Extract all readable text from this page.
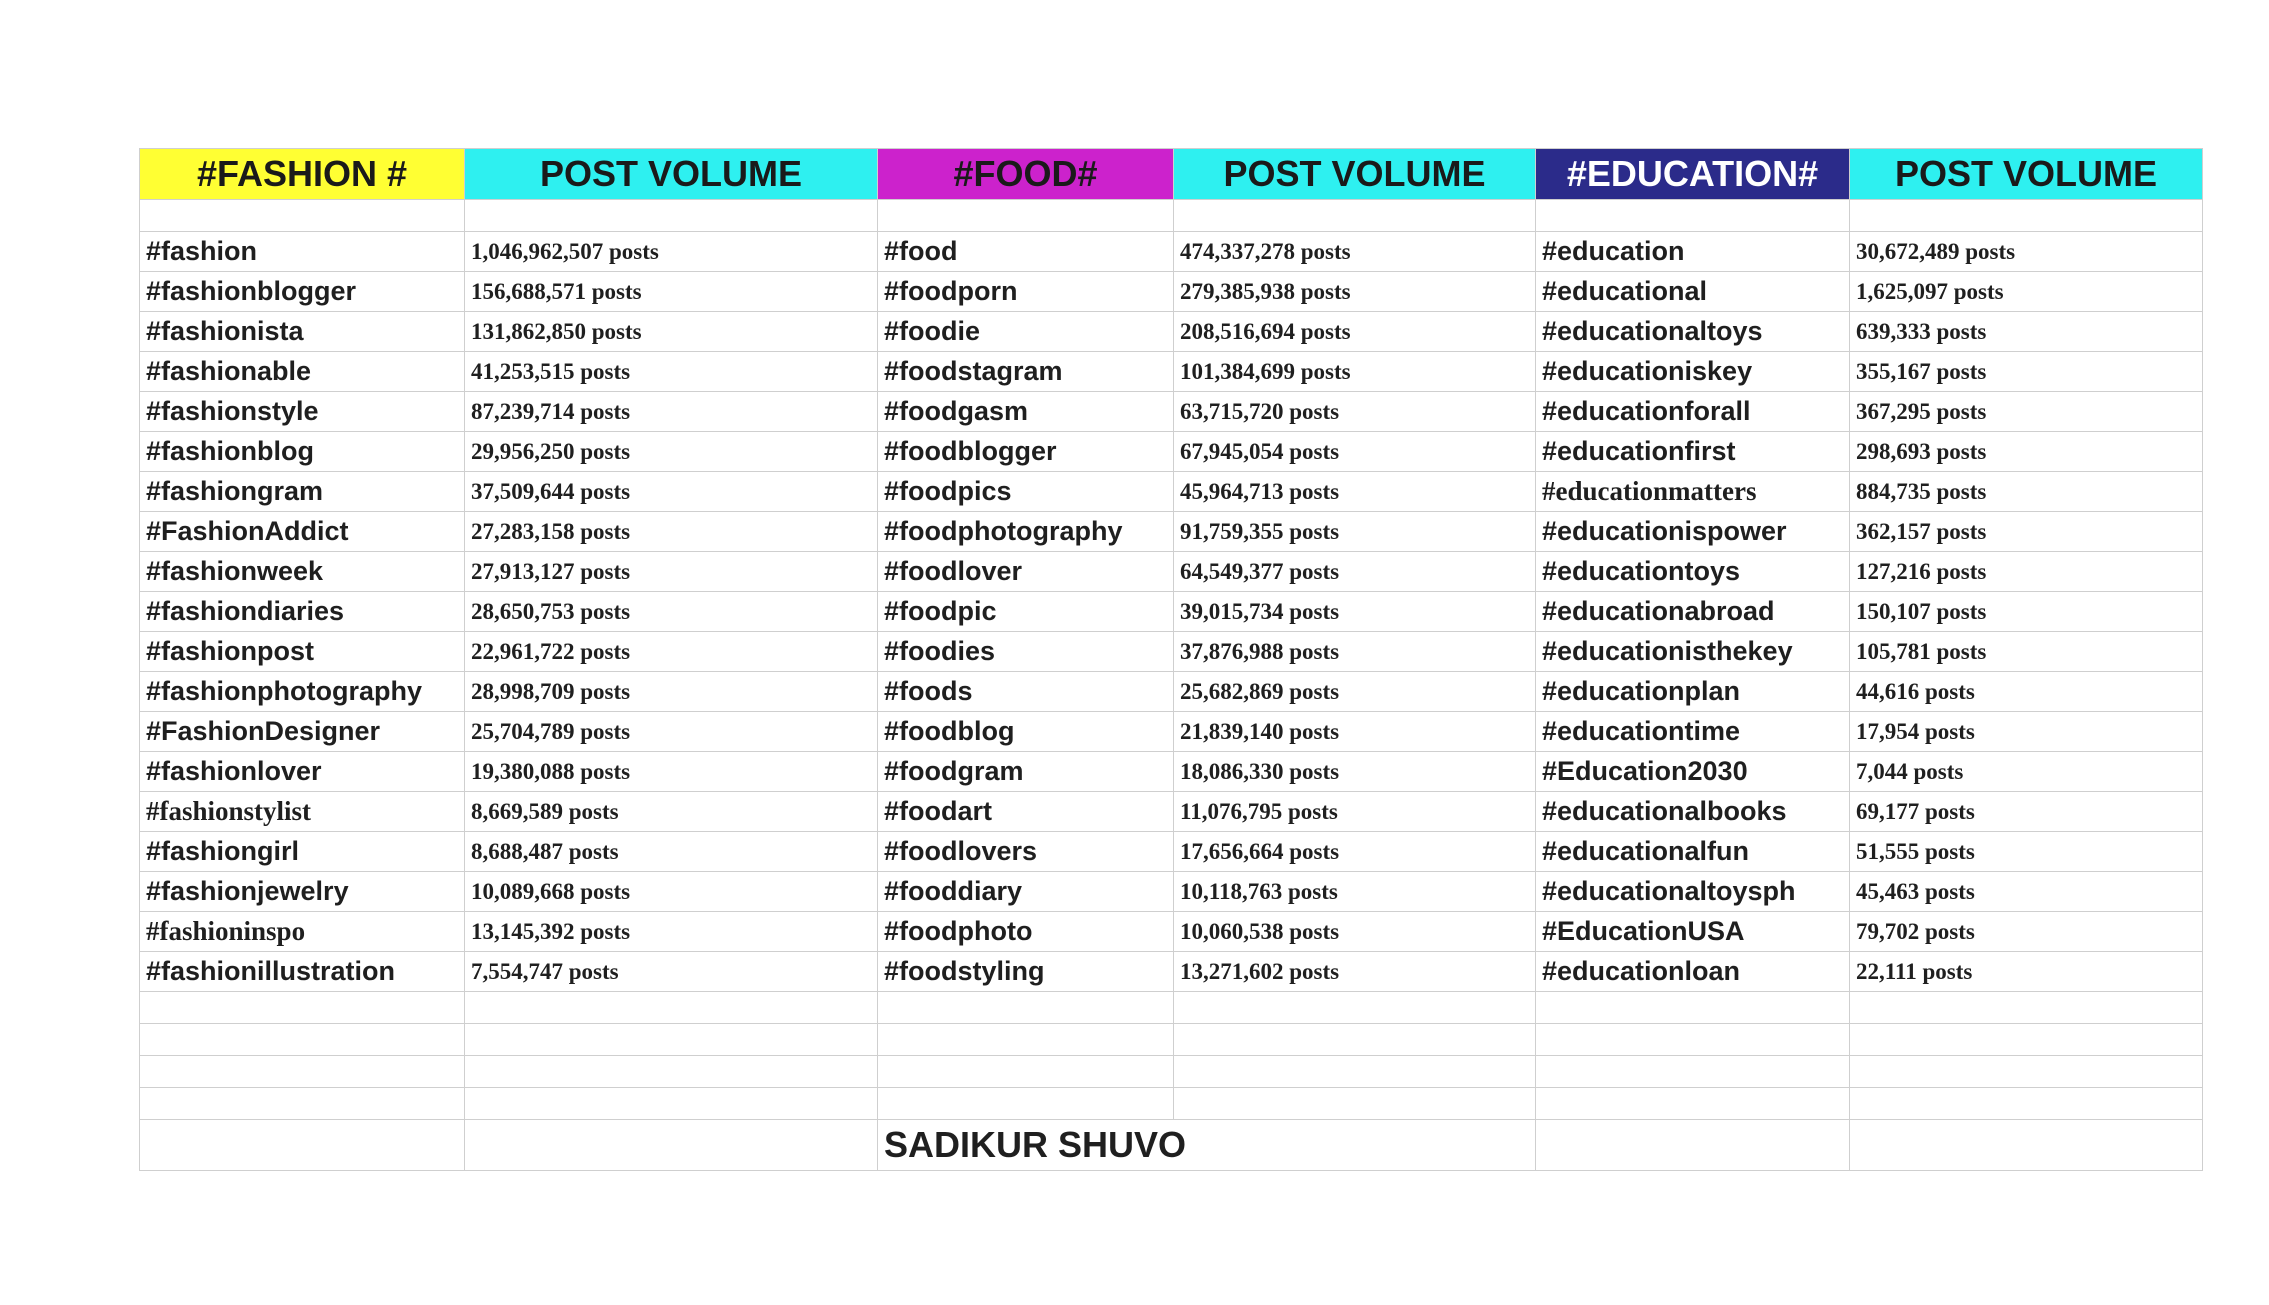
#FASHION #	POST VOLUME	#FOOD#	POST VOLUME	#EDUCATION#	POST VOLUME

#fashion	1,046,962,507 posts	#food	474,337,278 posts	#education	30,672,489 posts
#fashionblogger	156,688,571 posts	#foodporn	279,385,938 posts	#educational	1,625,097 posts
#fashionista	131,862,850 posts	#foodie	208,516,694 posts	#educationaltoys	639,333 posts
#fashionable	41,253,515 posts	#foodstagram	101,384,699 posts	#educationiskey	355,167 posts
#fashionstyle	87,239,714 posts	#foodgasm	63,715,720 posts	#educationforall	367,295 posts
#fashionblog	29,956,250 posts	#foodblogger	67,945,054 posts	#educationfirst	298,693 posts
#fashiongram	37,509,644 posts	#foodpics	45,964,713 posts	#educationmatters	884,735 posts
#FashionAddict	27,283,158 posts	#foodphotography	91,759,355 posts	#educationispower	362,157 posts
#fashionweek	27,913,127 posts	#foodlover	64,549,377 posts	#educationtoys	127,216 posts
#fashiondiaries	28,650,753 posts	#foodpic	39,015,734 posts	#educationabroad	150,107 posts
#fashionpost	22,961,722 posts	#foodies	37,876,988 posts	#educationisthekey	105,781 posts
#fashionphotography	28,998,709 posts	#foods	25,682,869 posts	#educationplan	44,616 posts
#FashionDesigner	25,704,789 posts	#foodblog	21,839,140 posts	#educationtime	17,954 posts
#fashionlover	19,380,088 posts	#foodgram	18,086,330 posts	#Education2030	7,044 posts
#fashionstylist	8,669,589 posts	#foodart	11,076,795 posts	#educationalbooks	69,177 posts
#fashiongirl	8,688,487 posts	#foodlovers	17,656,664 posts	#educationalfun	51,555 posts
#fashionjewelry	10,089,668 posts	#fooddiary	10,118,763 posts	#educationaltoysph	45,463 posts
#fashioninspo	13,145,392 posts	#foodphoto	10,060,538 posts	#EducationUSA	79,702 posts
#fashionillustration	7,554,747 posts	#foodstyling	13,271,602 posts	#educationloan	22,111 posts

		SADIKUR SHUVO			
